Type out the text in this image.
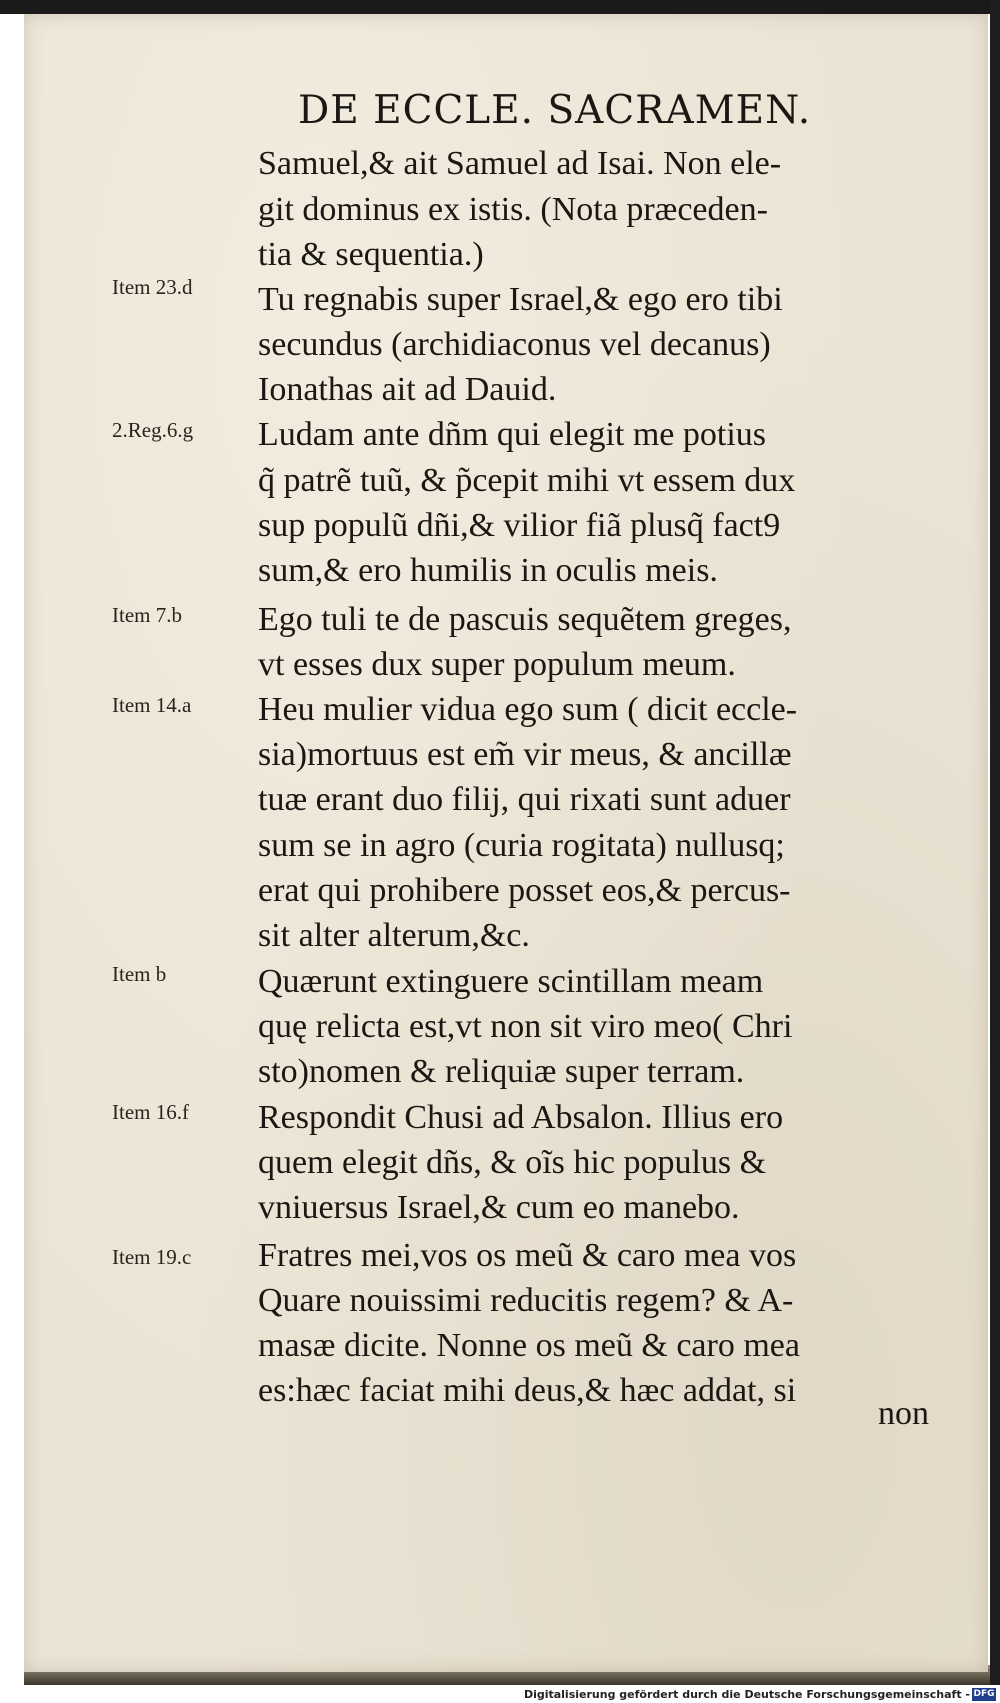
DE ECCLE. SACRAMEN.
Item 23.d
2.Reg.6.g
Item 7.b
Item 14.a
Item b
Item 16.f
Item 19.c
Samuel,& ait Samuel ad Isai. Non ele-
git dominus ex istis. (Nota præceden-
tia & sequentia.)
Tu regnabis super Israel,& ego ero tibi
secundus (archidiaconus vel decanus)
Ionathas ait ad Dauid.
Ludam ante dñm qui elegit me potius
q̃ patrẽ tuũ, & p̃cepit mihi vt essem dux
sup populũ dñi,& vilior fiã plusq̃ fact9
sum,& ero humilis in oculis meis.
Ego tuli te de pascuis sequẽtem greges,
vt esses dux super populum meum.
Heu mulier vidua ego sum ( dicit eccle-
sia)mortuus est em̃ vir meus, & ancillæ
tuæ erant duo filij, qui rixati sunt aduer
sum se in agro (curia rogitata) nullusq;
erat qui prohibere posset eos,& percus-
sit alter alterum,&c.
Quærunt extinguere scintillam meam
quę relicta est,vt non sit viro meo( Chri
sto)nomen & reliquiæ super terram.
Respondit Chusi ad Absalon. Illius ero
quem elegit dñs, & oĩs hic populus &
vniuersus Israel,& cum eo manebo.
Fratres mei,vos os meũ & caro mea vos
Quare nouissimi reducitis regem? & A-
masæ dicite. Nonne os meũ & caro mea
es:hæc faciat mihi deus,& hæc addat, si
non
Digitalisierung gefördert durch die Deutsche Forschungsgemeinschaft - DFG
